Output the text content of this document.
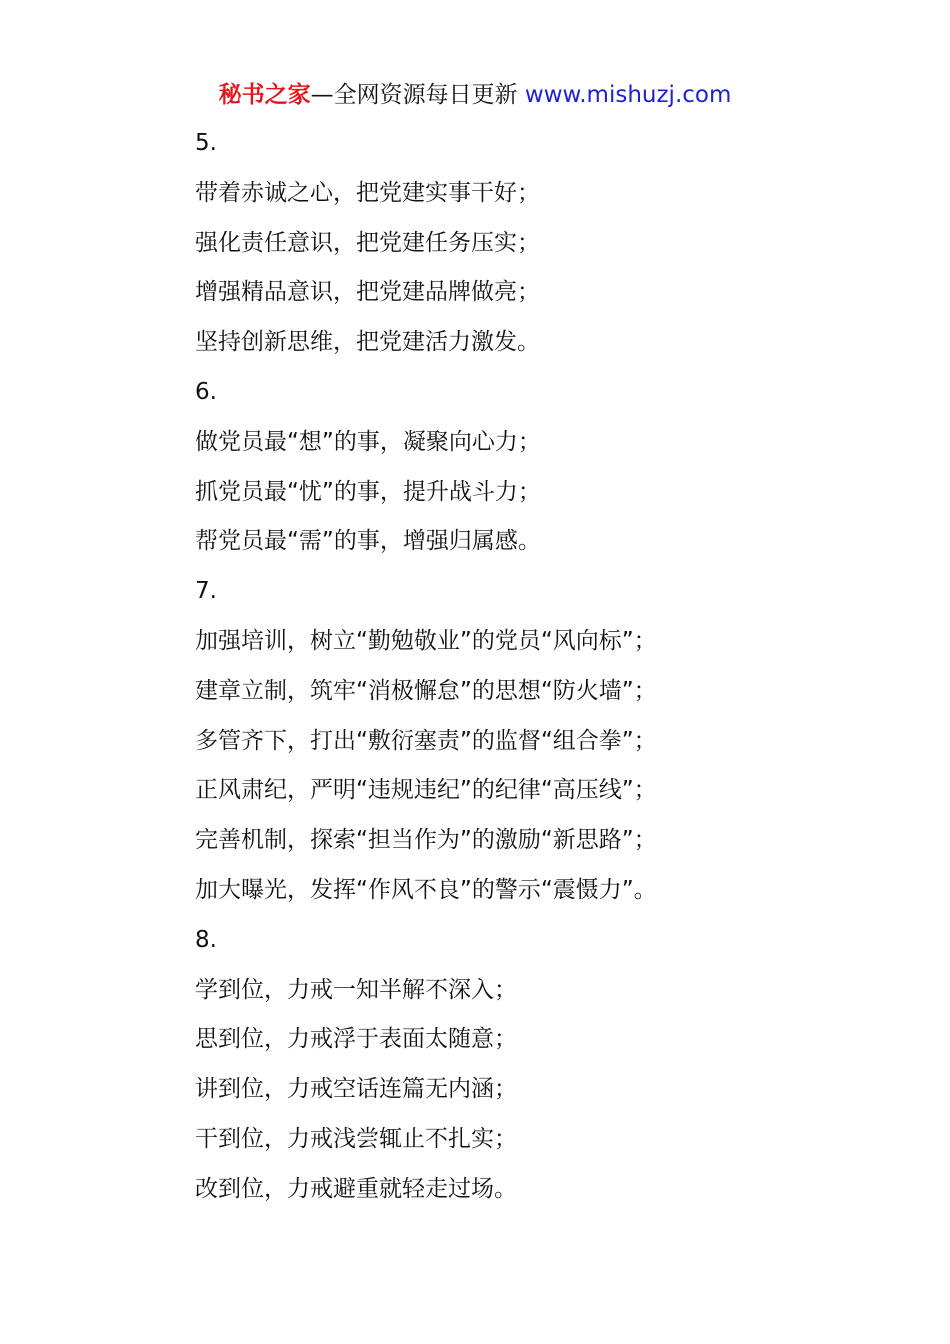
秘书之家—全网资源每日更新 www.mishuzj.com
5.
带着赤诚之心，把党建实事干好；
强化责任意识，把党建任务压实；
增强精品意识，把党建品牌做亮；
坚持创新思维，把党建活力激发。
6.
做党员最“想”的事，凝聚向心力；
抓党员最“忧”的事，提升战斗力；
帮党员最“需”的事，增强归属感。
7.
加强培训，树立“勤勉敬业”的党员“风向标”；
建章立制，筑牢“消极懈怠”的思想“防火墙”；
多管齐下，打出“敷衍塞责”的监督“组合拳”；
正风肃纪，严明“违规违纪”的纪律“高压线”；
完善机制，探索“担当作为”的激励“新思路”；
加大曝光，发挥“作风不良”的警示“震慑力”。
8.
学到位，力戒一知半解不深入；
思到位，力戒浮于表面太随意；
讲到位，力戒空话连篇无内涵；
干到位，力戒浅尝辄止不扎实；
改到位，力戒避重就轻走过场。
